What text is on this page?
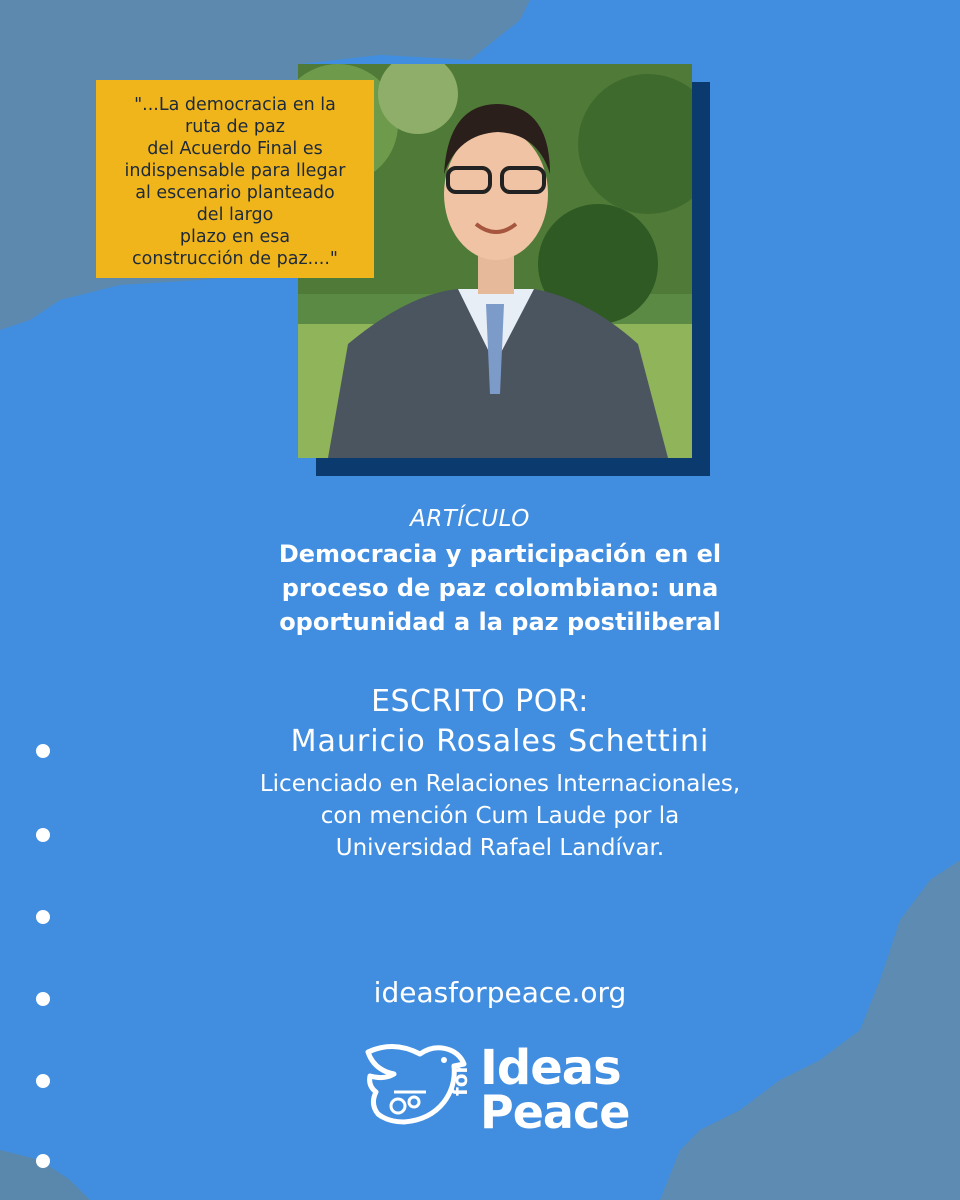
"...La democracia en la
ruta de paz
del Acuerdo Final es
indispensable para llegar
al escenario planteado
del largo
plazo en esa
construcción de paz...."
ARTÍCULO
Democracia y participación en el
proceso de paz colombiano: una
oportunidad a la paz postiliberal
ESCRITO POR:
Mauricio Rosales Schettini
Licenciado en Relaciones Internacionales,
con mención Cum Laude por la
Universidad Rafael Landívar.
ideasforpeace.org
Ideas
for
Peace
